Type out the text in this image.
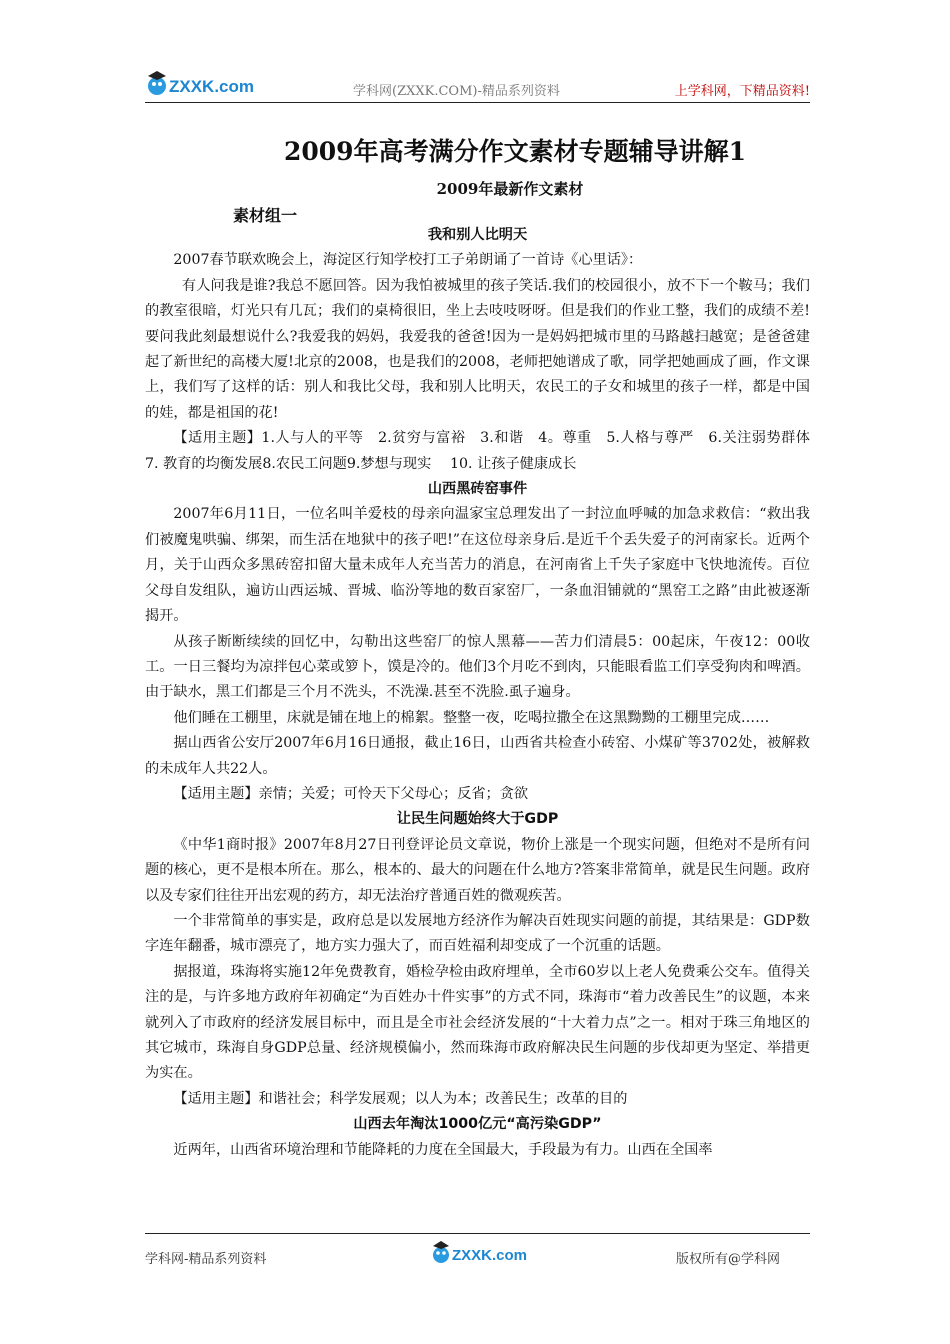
ZXXK.com	学科网(ZXXK.COM)-精品系列资料	上学科网，下精品资料!
2009年高考满分作文素材专题辅导讲解1
2009年最新作文素材
素材组一
我和别人比明天

2007春节联欢晚会上，海淀区行知学校打工子弟朗诵了一首诗《心里话》：

有人问我是谁?我总不愿回答。因为我怕被城里的孩子笑话.我们的校园很小，放不下一个鞍马；我们的教室很暗，灯光只有几瓦；我们的桌椅很旧，坐上去吱吱呀呀。但是我们的作业工整，我们的成绩不差!要问我此刻最想说什么?我爱我的妈妈，我爱我的爸爸!因为一是妈妈把城市里的马路越扫越宽；是爸爸建起了新世纪的高楼大厦!北京的2008，也是我们的2008，老师把她谱成了歌，同学把她画成了画，作文课上，我们写了这样的话：别人和我比父母，我和别人比明天，农民工的子女和城里的孩子一样，都是中国的娃，都是祖国的花!

【适用主题】1.人与人的平等　2.贫穷与富裕　3.和谐　4。尊重　5.人格与尊严　6.关注弱势群体　 7. 教育的均衡发展8.农民工问题9.梦想与现实　 10. 让孩子健康成长

山西黑砖窑事件

2007年6月11日，一位名叫羊爱枝的母亲向温家宝总理发出了一封泣血呼喊的加急求救信：“救出我们被魔鬼哄骗、绑架，而生活在地狱中的孩子吧!”在这位母亲身后.是近千个丢失爱子的河南家长。近两个月，关于山西众多黑砖窑扣留大量未成年人充当苦力的消息，在河南省上千失子家庭中飞快地流传。百位父母自发组队，遍访山西运城、晋城、临汾等地的数百家窑厂，一条血泪铺就的“黑窑工之路”由此被逐渐揭开。

从孩子断断续续的回忆中，勾勒出这些窑厂的惊人黑幕——苦力们清晨5：00起床，午夜12：00收工。一日三餐均为凉拌包心菜或箩卜，馍是冷的。他们3个月吃不到肉，只能眼看监工们享受狗肉和啤酒。由于缺水，黑工们都是三个月不洗头，不洗澡.甚至不洗脸.虱子遍身。

他们睡在工棚里，床就是铺在地上的棉絮。整整一夜，吃喝拉撒全在这黑黝黝的工棚里完成……

据山西省公安厅2007年6月16日通报，截止16日，山西省共检查小砖窑、小煤矿等3702处，被解救的未成年人共22人。

【适用主题】亲情；关爱；可怜天下父母心；反省；贪欲

让民生问题始终大于GDP

《中华1商时报》2007年8月27日刊登评论员文章说，物价上涨是一个现实问题，但绝对不是所有问题的核心，更不是根本所在。那么，根本的、最大的问题在什么地方?答案非常简单，就是民生问题。政府以及专家们往往开出宏观的药方，却无法治疗普通百姓的微观疾苦。

一个非常简单的事实是，政府总是以发展地方经济作为解决百姓现实问题的前提，其结果是：GDP数字连年翻番，城市漂亮了，地方实力强大了，而百姓福利却变成了一个沉重的话题。

据报道，珠海将实施12年免费教育，婚检孕检由政府埋单，全市60岁以上老人免费乘公交车。值得关注的是，与许多地方政府年初确定“为百姓办十件实事”的方式不同，珠海市“着力改善民生”的议题，本来就列入了市政府的经济发展目标中，而且是全市社会经济发展的“十大着力点”之一。相对于珠三角地区的其它城市，珠海自身GDP总量、经济规模偏小，然而珠海市政府解决民生问题的步伐却更为坚定、举措更为实在。

【适用主题】和谐社会；科学发展观；以人为本；改善民生；改革的目的

山西去年淘汰1000亿元“高污染GDP”

近两年，山西省环境治理和节能降耗的力度在全国最大，手段最为有力。山西在全国率

学科网-精品系列资料	ZXXK.com	版权所有@学科网
